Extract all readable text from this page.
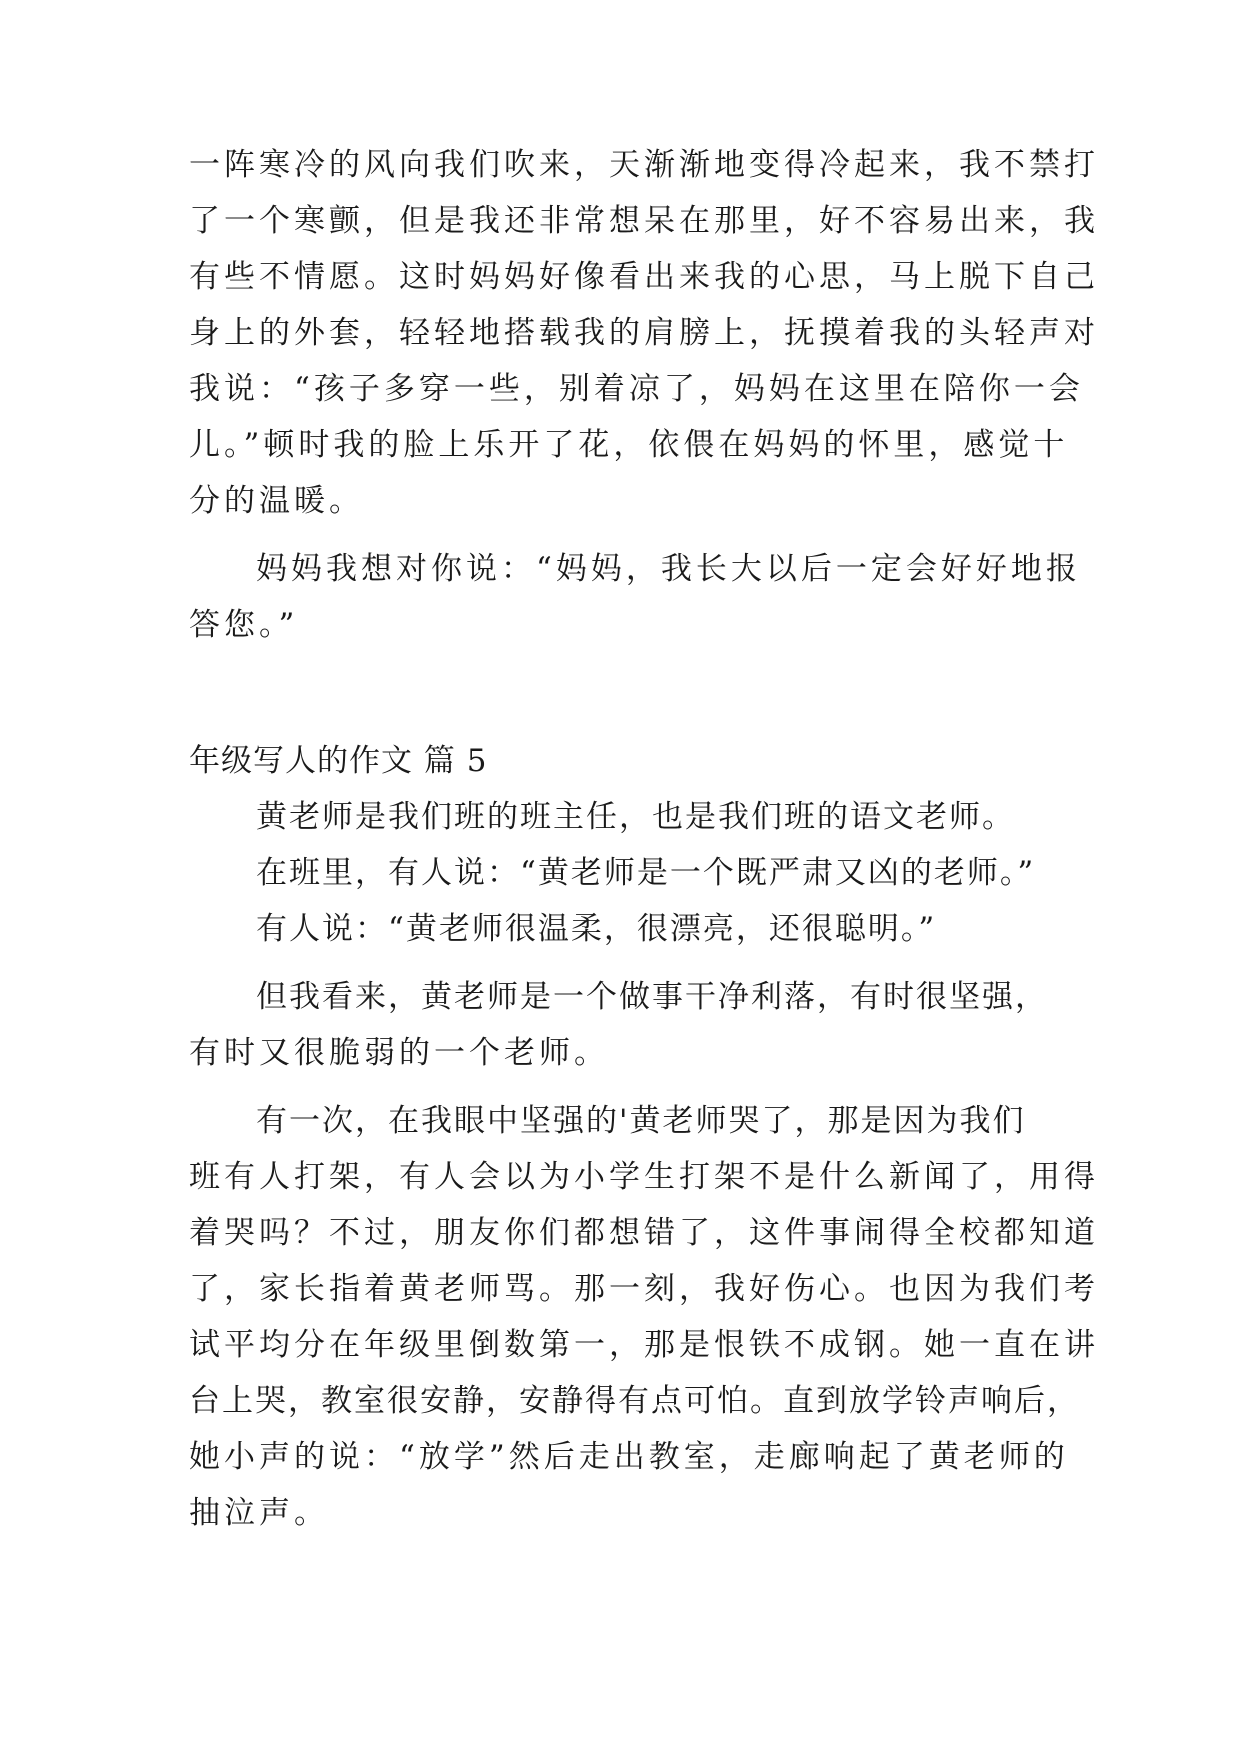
一阵寒冷的风向我们吹来，天渐渐地变得冷起来，我不禁打
了一个寒颤，但是我还非常想呆在那里，好不容易出来，我
有些不情愿。这时妈妈好像看出来我的心思，马上脱下自己
身上的外套，轻轻地搭载我的肩膀上，抚摸着我的头轻声对
我说：“孩子多穿一些，别着凉了，妈妈在这里在陪你一会
儿。”顿时我的脸上乐开了花，依偎在妈妈的怀里，感觉十
分的温暖。
妈妈我想对你说：“妈妈，我长大以后一定会好好地报
答您。”
年级写人的作文 篇 5
黄老师是我们班的班主任，也是我们班的语文老师。
在班里，有人说：“黄老师是一个既严肃又凶的老师。”
有人说：“黄老师很温柔，很漂亮，还很聪明。”
但我看来，黄老师是一个做事干净利落，有时很坚强，
有时又很脆弱的一个老师。
有一次，在我眼中坚强的'黄老师哭了，那是因为我们
班有人打架，有人会以为小学生打架不是什么新闻了，用得
着哭吗？不过，朋友你们都想错了，这件事闹得全校都知道
了，家长指着黄老师骂。那一刻，我好伤心。也因为我们考
试平均分在年级里倒数第一，那是恨铁不成钢。她一直在讲
台上哭，教室很安静，安静得有点可怕。直到放学铃声响后，
她小声的说：“放学”然后走出教室，走廊响起了黄老师的
抽泣声。
